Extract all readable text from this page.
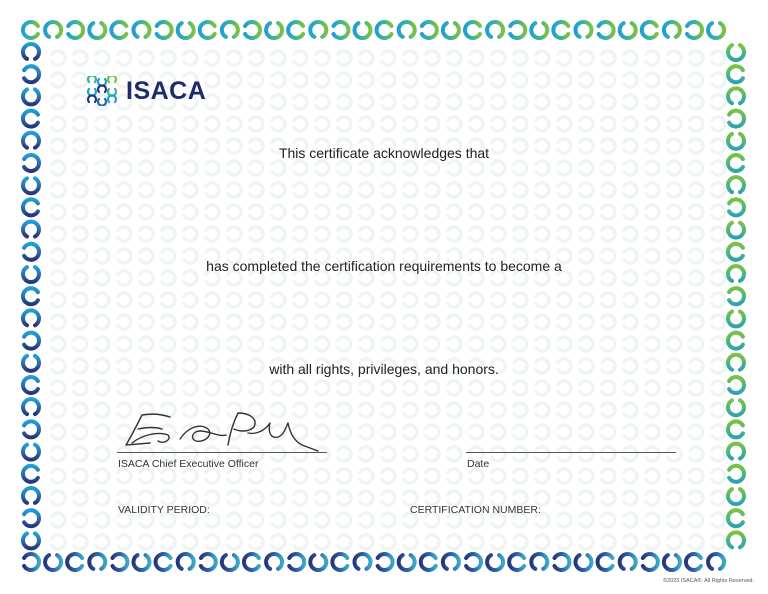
ISACA
This certificate acknowledges that
has completed the certification requirements to become a
with all rights, privileges, and honors.
ISACA Chief Executive Officer	Date
VALIDITY PERIOD:	CERTIFICATION NUMBER:
©2023 ISACA®. All Rights Reserved.
